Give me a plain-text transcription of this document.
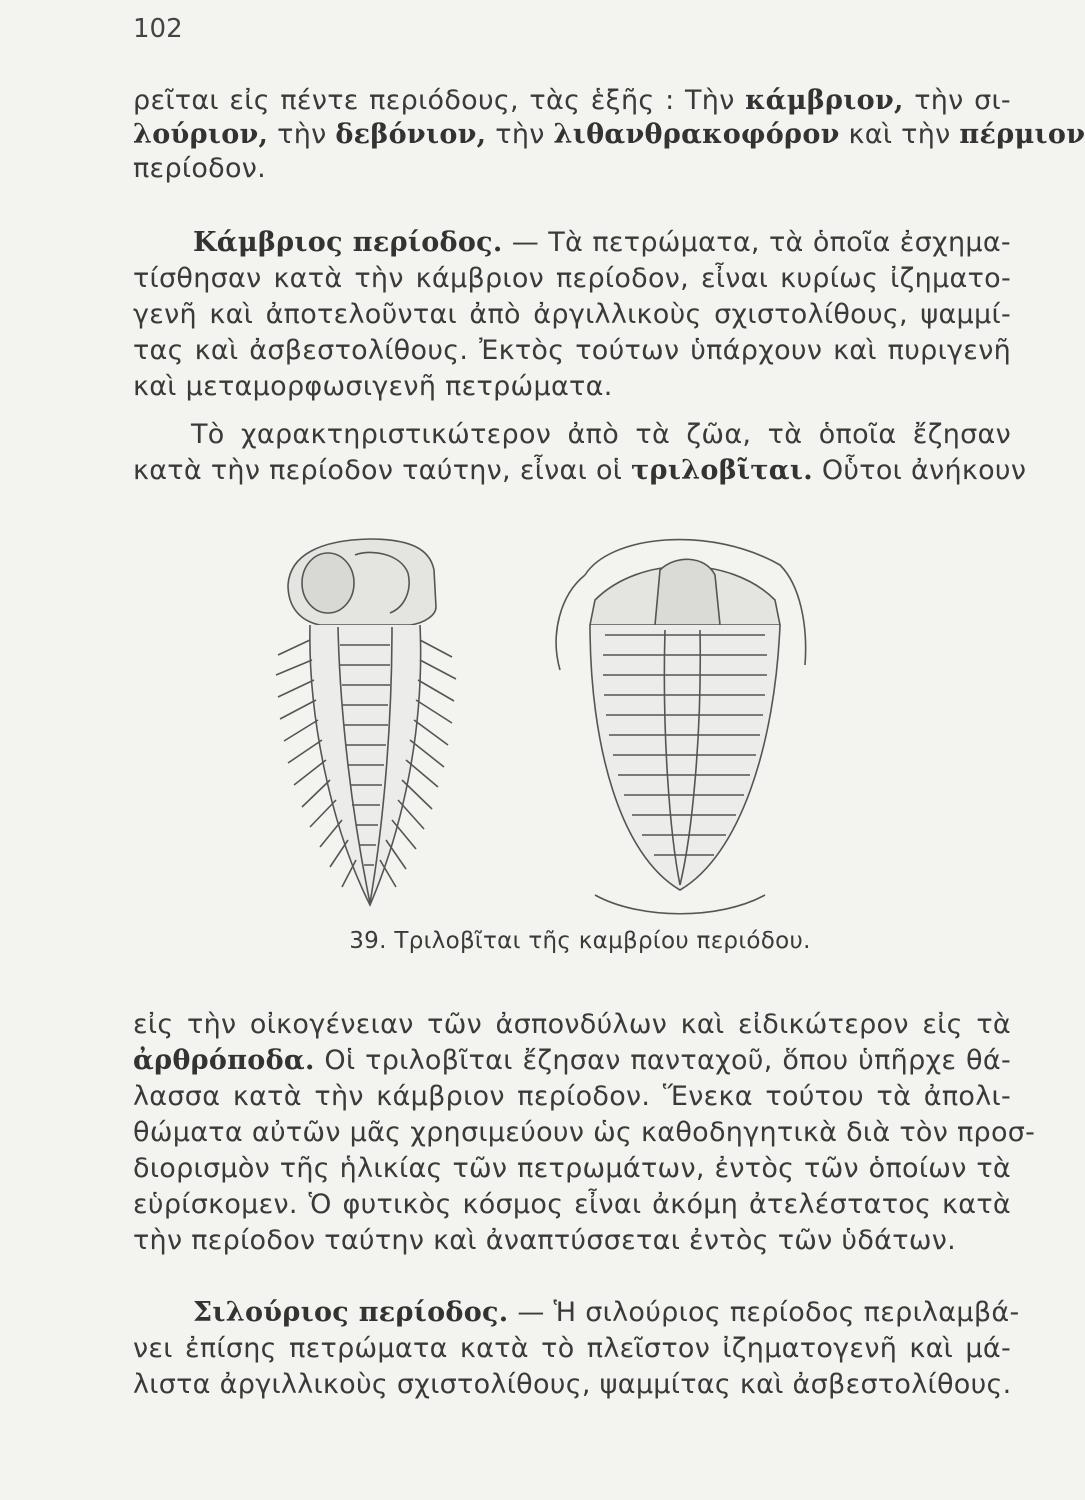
102
ρεῖται εἰς πέντε περιόδους, τὰς ἑξῆς : Τὴν κάμβριον, τὴν σι-
λούριον, τὴν δεβόνιον, τὴν λιθανθρακοφόρον καὶ τὴν πέρμιον
περίοδον.
Κάμβριος περίοδος. — Τὰ πετρώματα, τὰ ὁποῖα ἐσχημα-
τίσθησαν κατὰ τὴν κάμβριον περίοδον, εἶναι κυρίως ἰζηματο-
γενῆ καὶ ἀποτελοῦνται ἀπὸ ἀργιλλικοὺς σχιστολίθους, ψαμμί-
τας καὶ ἀσβεστολίθους. Ἐκτὸς τούτων ὑπάρχουν καὶ πυριγενῆ
καὶ μεταμορφωσιγενῆ πετρώματα.
Τὸ χαρακτηριστικώτερον ἀπὸ τὰ ζῶα, τὰ ὁποῖα ἔζησαν
κατὰ τὴν περίοδον ταύτην, εἶναι οἱ τριλοβῖται. Οὗτοι ἀνήκουν
39. Τριλοβῖται τῆς καμβρίου περιόδου.
εἰς τὴν οἰκογένειαν τῶν ἀσπονδύλων καὶ εἰδικώτερον εἰς τὰ
ἀρθρόποδα. Οἱ τριλοβῖται ἔζησαν πανταχοῦ, ὅπου ὑπῆρχε θά-
λασσα κατὰ τὴν κάμβριον περίοδον. Ἕνεκα τούτου τὰ ἀπολι-
θώματα αὐτῶν μᾶς χρησιμεύουν ὡς καθοδηγητικὰ διὰ τὸν προσ-
διορισμὸν τῆς ἡλικίας τῶν πετρωμάτων, ἐντὸς τῶν ὁποίων τὰ
εὑρίσκομεν. Ὁ φυτικὸς κόσμος εἶναι ἀκόμη ἀτελέστατος κατὰ
τὴν περίοδον ταύτην καὶ ἀναπτύσσεται ἐντὸς τῶν ὑδάτων.
Σιλούριος περίοδος. — Ἡ σιλούριος περίοδος περιλαμβά-
νει ἐπίσης πετρώματα κατὰ τὸ πλεῖστον ἰζηματογενῆ καὶ μά-
λιστα ἀργιλλικοὺς σχιστολίθους, ψαμμίτας καὶ ἀσβεστολίθους.
